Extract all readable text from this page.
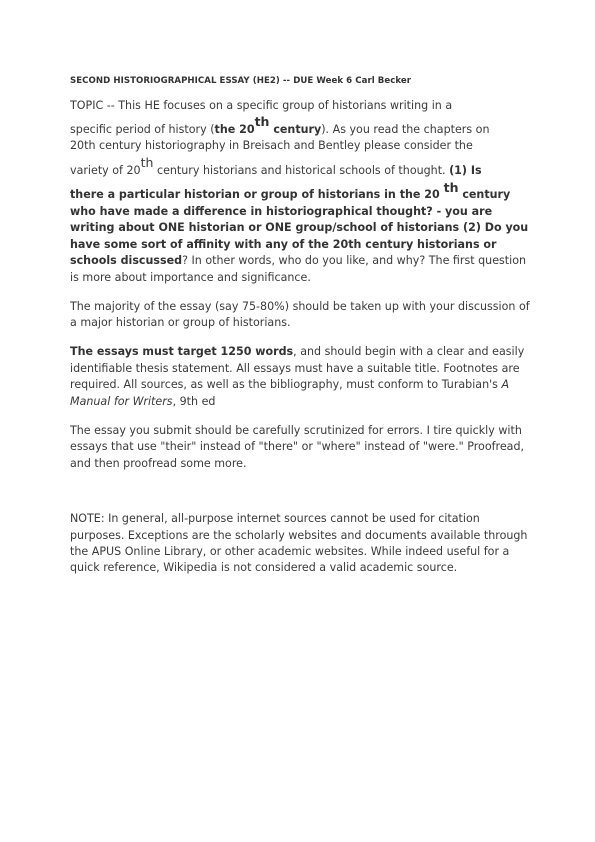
SECOND HISTORIOGRAPHICAL ESSAY (HE2) -- DUE Week 6 Carl Becker
TOPIC -- This HE focuses on a specific group of historians writing in a
specific period of history (the 20th century). As you read the chapters on
20th century historiography in Breisach and Bentley please consider the
variety of 20th century historians and historical schools of thought. (1) Is
there a particular historian or group of historians in the 20 $^{th}$ century
who have made a difference in historiographical thought? - you are writing about ONE historian or ONE group/school of historians (2) Do you have some sort of affinity with any of the 20th century historians or schools discussed? In other words, who do you like, and why? The first question is more about importance and significance.

The majority of the essay (say 75-80%) should be taken up with your discussion of a major historian or group of historians.

The essays must target 1250 words, and should begin with a clear and easily identifiable thesis statement. All essays must have a suitable title. Footnotes are required. All sources, as well as the bibliography, must conform to Turabian's A Manual for Writers, 9th ed

The essay you submit should be carefully scrutinized for errors. I tire quickly with essays that use "their" instead of "there" or "where" instead of "were." Proofread, and then proofread some more.

NOTE: In general, all-purpose internet sources cannot be used for citation purposes. Exceptions are the scholarly websites and documents available through the APUS Online Library, or other academic websites. While indeed useful for a quick reference, Wikipedia is not considered a valid academic source.
